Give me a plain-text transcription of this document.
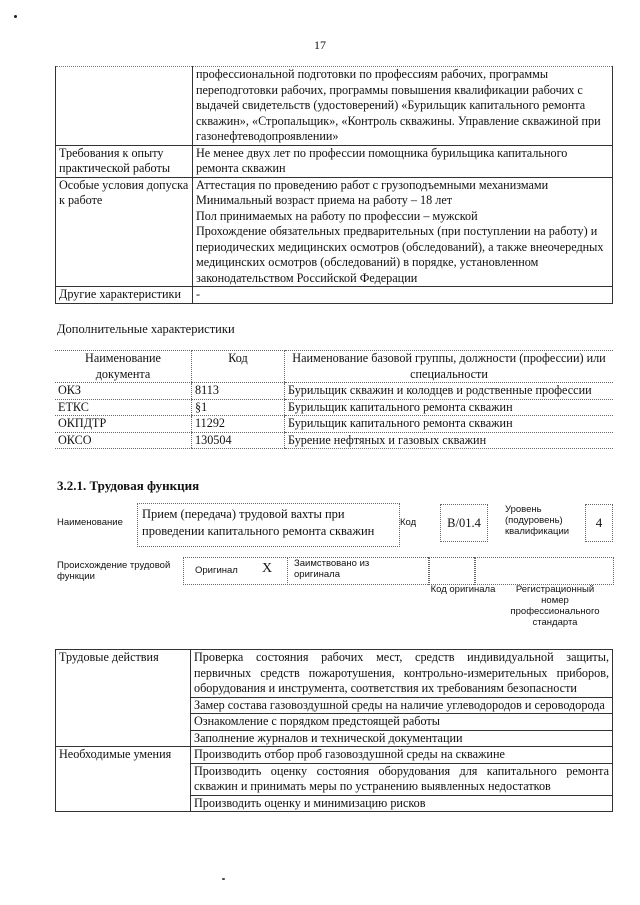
17
	профессиональной подготовки по профессиям рабочих, программы переподготовки рабочих, программы повышения квалификации рабочих с выдачей свидетельств (удостоверений) «Бурильщик капитального ремонта скважин», «Стропальщик», «Контроль скважины. Управление скважиной при газонефтеводопроявлении»
Требования к опыту практической работы	Не менее двух лет по профессии помощника бурильщика капитального ремонта скважин
Особые условия допуска к работе	Аттестация по проведению работ с грузоподъемными механизмами
Минимальный возраст приема на работу – 18 лет
Пол принимаемых на работу по профессии – мужской
Прохождение обязательных предварительных (при поступлении на работу) и периодических медицинских осмотров (обследований), а также внеочередных медицинских осмотров (обследований) в порядке, установленном законодательством Российской Федерации

Другие характеристики	-
Дополнительные характеристики
Наименование документа	Код	Наименование базовой группы, должности (профессии) или специальности
ОКЗ	8113	Бурильщик скважин и колодцев и родственные профессии
ЕТКС	§1	Бурильщик капитального ремонта скважин
ОКПДТР	11292	Бурильщик капитального ремонта скважин
ОКСО	130504	Бурение нефтяных и газовых скважин
3.2.1. Трудовая функция
Наименование
Прием (передача) трудовой вахты при проведении капитального ремонта скважин
Код	В/01.4
Уровень (подуровень) квалификации
4
Происхождение трудовой функции
Оригинал Х Заимствовано из оригинала
Код оригинала	Регистрационный номер профессионального стандарта
Трудовые действия	Проверка состояния рабочих мест, средств индивидуальной защиты, первичных средств пожаротушения, контрольно-измерительных приборов, оборудования и инструмента, соответствия их требованиям безопасности
	Замер состава газовоздушной среды на наличие углеводородов и сероводорода
	Ознакомление с порядком предстоящей работы
	Заполнение журналов и технической документации
Необходимые умения	Производить отбор проб газовоздушной среды на скважине
	Производить оценку состояния оборудования для капитального ремонта скважин и принимать меры по устранению выявленных недостатков
	Производить оценку и минимизацию рисков
